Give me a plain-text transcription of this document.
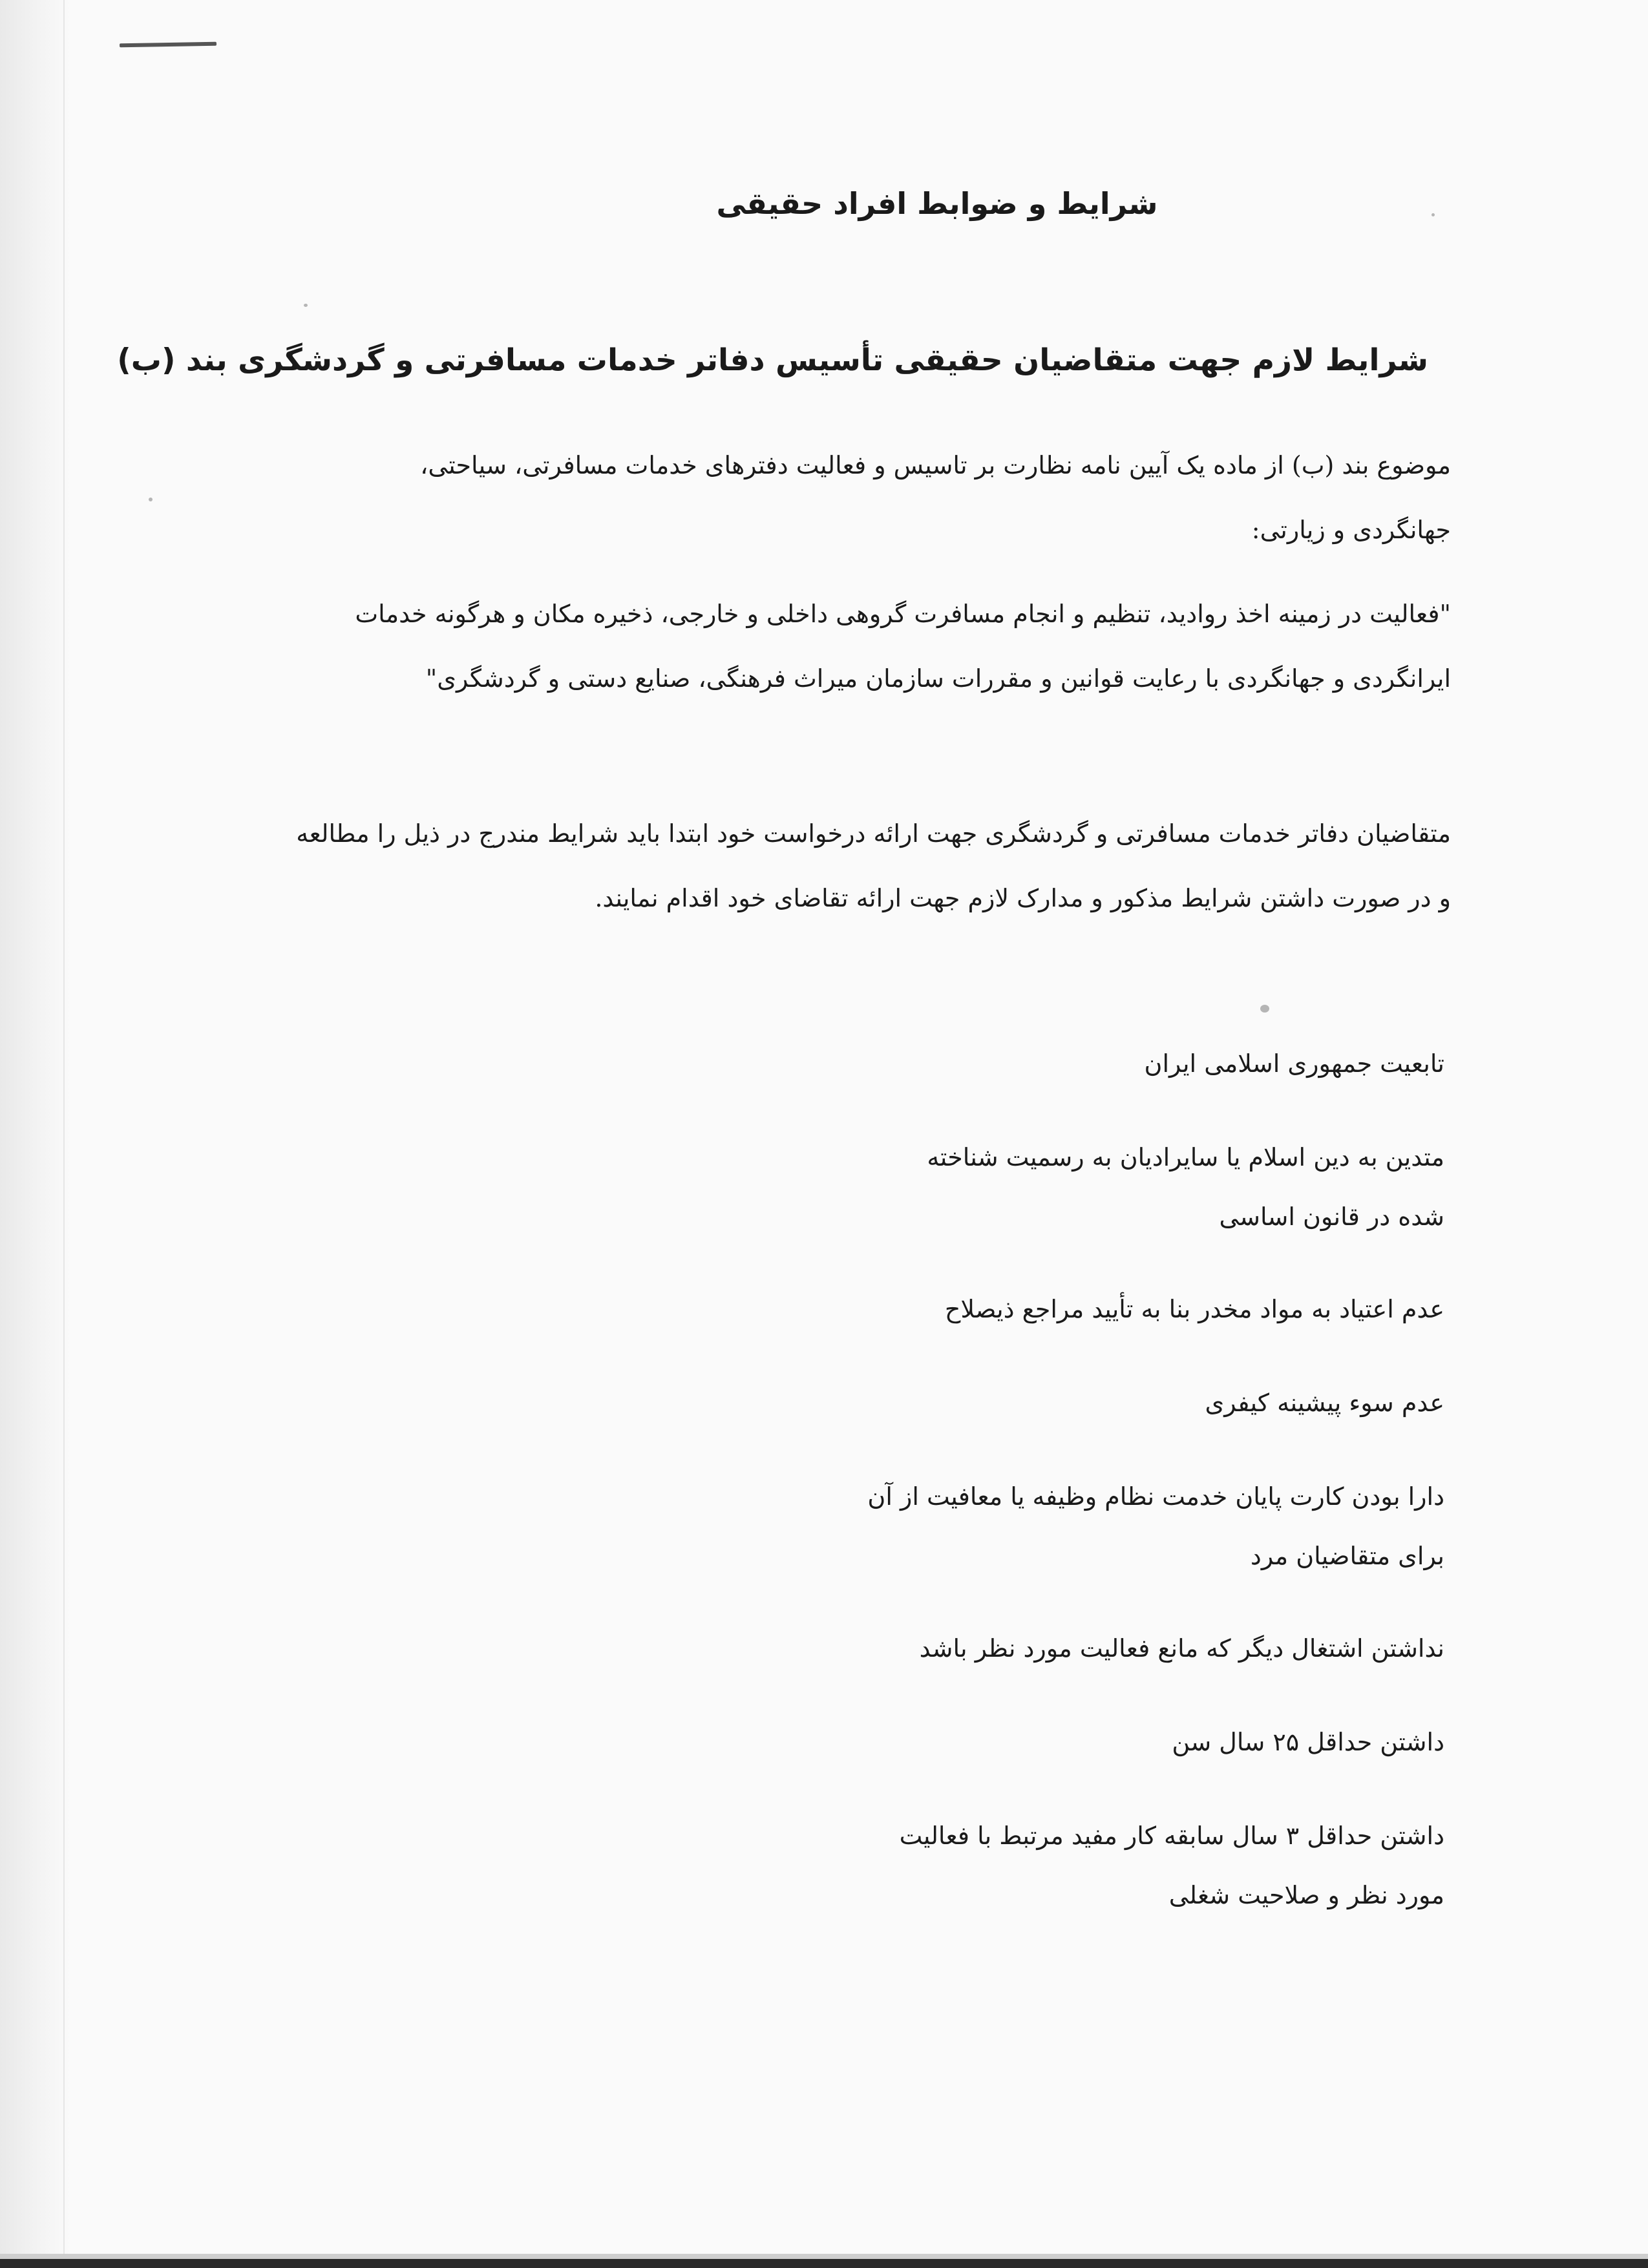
شرایط و ضوابط افراد حقیقی
شرایط لازم جهت متقاضیان حقیقی تأسیس دفاتر خدمات مسافرتی و گردشگری بند (ب)
موضوع بند (ب) از ماده یک آیین نامه نظارت بر تاسیس و فعالیت دفترهای خدمات مسافرتی، سیاحتی، جهانگردی و زیارتی:
"فعالیت در زمینه اخذ روادید، تنظیم و انجام مسافرت گروهی داخلی و خارجی، ذخیره مکان و هرگونه خدمات ایرانگردی و جهانگردی با رعایت قوانین و مقررات سازمان میراث فرهنگی، صنایع دستی و گردشگری"
متقاضیان دفاتر خدمات مسافرتی و گردشگری جهت ارائه درخواست خود ابتدا باید شرایط مندرج در ذیل را مطالعه و در صورت داشتن شرایط مذکور و مدارک لازم جهت ارائه تقاضای خود اقدام نمایند.
تابعیت جمهوری اسلامی ایران
متدین به دین اسلام یا سایرادیان به رسمیت شناخته شده در قانون اساسی
عدم اعتیاد به مواد مخدر بنا به تأیید مراجع ذیصلاح
عدم سوء پیشینه کیفری
دارا بودن کارت پایان خدمت نظام وظیفه یا معافیت از آن برای متقاضیان مرد
نداشتن اشتغال دیگر که مانع فعالیت مورد نظر باشد
داشتن حداقل ۲۵ سال سن
داشتن حداقل ۳ سال سابقه کار مفید مرتبط با فعالیت مورد نظر و صلاحیت شغلی
